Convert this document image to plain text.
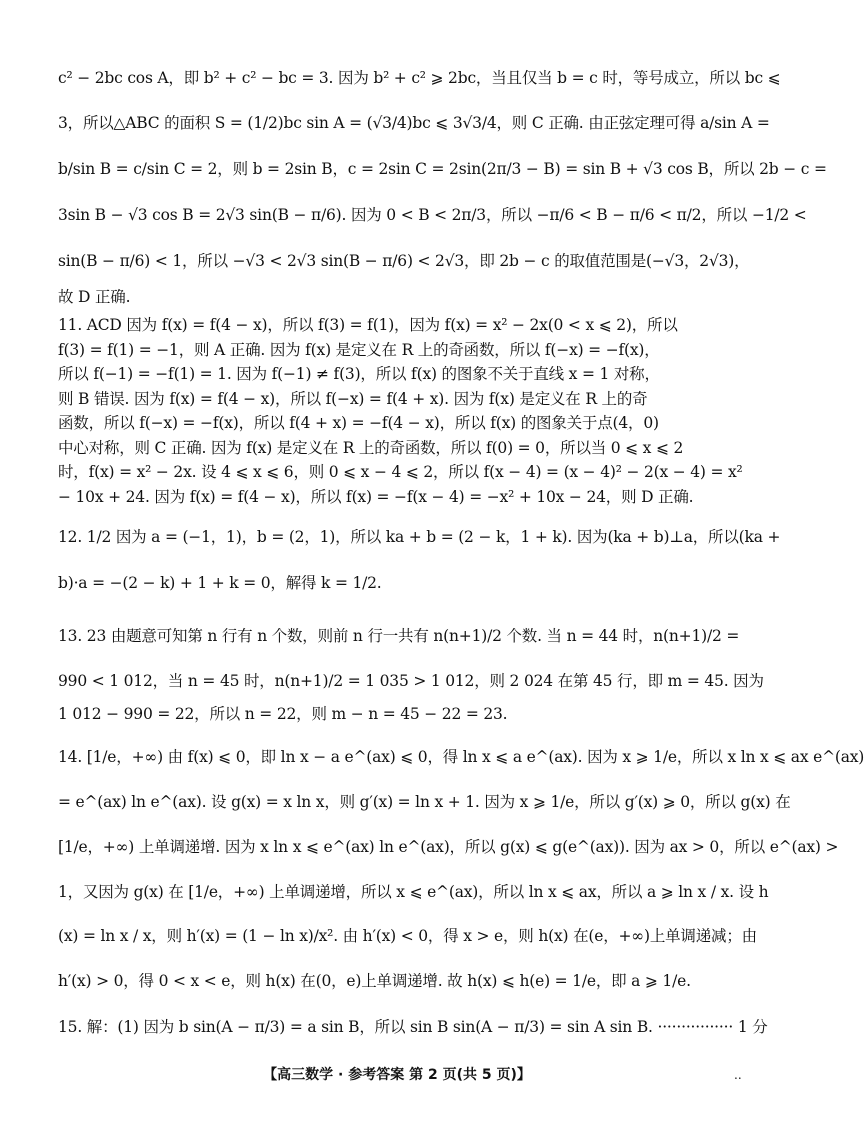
c² − 2bc cos A，即 b² + c² − bc = 3. 因为 b² + c² ⩾ 2bc，当且仅当 b = c 时，等号成立，所以 bc ⩽
3，所以△ABC 的面积 S = (1/2)bc sin A = (√3/4)bc ⩽ 3√3/4，则 C 正确. 由正弦定理可得 a/sin A =
b/sin B = c/sin C = 2，则 b = 2sin B，c = 2sin C = 2sin(2π/3 − B) = sin B + √3 cos B，所以 2b − c =
3sin B − √3 cos B = 2√3 sin(B − π/6). 因为 0 < B < 2π/3，所以 −π/6 < B − π/6 < π/2，所以 −1/2 <
sin(B − π/6) < 1，所以 −√3 < 2√3 sin(B − π/6) < 2√3，即 2b − c 的取值范围是(−√3，2√3)，
故 D 正确.
11. ACD 因为 f(x) = f(4 − x)，所以 f(3) = f(1)，因为 f(x) = x² − 2x(0 < x ⩽ 2)，所以
f(3) = f(1) = −1，则 A 正确. 因为 f(x) 是定义在 R 上的奇函数，所以 f(−x) = −f(x)，
所以 f(−1) = −f(1) = 1. 因为 f(−1) ≠ f(3)，所以 f(x) 的图象不关于直线 x = 1 对称，
则 B 错误. 因为 f(x) = f(4 − x)，所以 f(−x) = f(4 + x). 因为 f(x) 是定义在 R 上的奇
函数，所以 f(−x) = −f(x)，所以 f(4 + x) = −f(4 − x)，所以 f(x) 的图象关于点(4，0)
中心对称，则 C 正确. 因为 f(x) 是定义在 R 上的奇函数，所以 f(0) = 0，所以当 0 ⩽ x ⩽ 2
时，f(x) = x² − 2x. 设 4 ⩽ x ⩽ 6，则 0 ⩽ x − 4 ⩽ 2，所以 f(x − 4) = (x − 4)² − 2(x − 4) = x²
− 10x + 24. 因为 f(x) = f(4 − x)，所以 f(x) = −f(x − 4) = −x² + 10x − 24，则 D 正确.
12. 1/2 因为 a = (−1，1)，b = (2，1)，所以 ka + b = (2 − k，1 + k). 因为(ka + b)⊥a，所以(ka +
b)·a = −(2 − k) + 1 + k = 0，解得 k = 1/2.
13. 23 由题意可知第 n 行有 n 个数，则前 n 行一共有 n(n+1)/2 个数. 当 n = 44 时，n(n+1)/2 =
990 < 1 012，当 n = 45 时，n(n+1)/2 = 1 035 > 1 012，则 2 024 在第 45 行，即 m = 45. 因为
1 012 − 990 = 22，所以 n = 22，则 m − n = 45 − 22 = 23.
14. [1/e，+∞) 由 f(x) ⩽ 0，即 ln x − a e^(ax) ⩽ 0，得 ln x ⩽ a e^(ax). 因为 x ⩾ 1/e，所以 x ln x ⩽ ax e^(ax)
= e^(ax) ln e^(ax). 设 g(x) = x ln x，则 g′(x) = ln x + 1. 因为 x ⩾ 1/e，所以 g′(x) ⩾ 0，所以 g(x) 在
[1/e，+∞) 上单调递增. 因为 x ln x ⩽ e^(ax) ln e^(ax)，所以 g(x) ⩽ g(e^(ax)). 因为 ax > 0，所以 e^(ax) >
1，又因为 g(x) 在 [1/e，+∞) 上单调递增，所以 x ⩽ e^(ax)，所以 ln x ⩽ ax，所以 a ⩾ ln x / x. 设 h
(x) = ln x / x，则 h′(x) = (1 − ln x)/x². 由 h′(x) < 0，得 x > e，则 h(x) 在(e，+∞)上单调递减；由
h′(x) > 0，得 0 < x < e，则 h(x) 在(0，e)上单调递增. 故 h(x) ⩽ h(e) = 1/e，即 a ⩾ 1/e.
15. 解：(1) 因为 b sin(A − π/3) = a sin B，所以 sin B sin(A − π/3) = sin A sin B. ················ 1 分
【高三数学 · 参考答案 第 2 页(共 5 页)】	..
